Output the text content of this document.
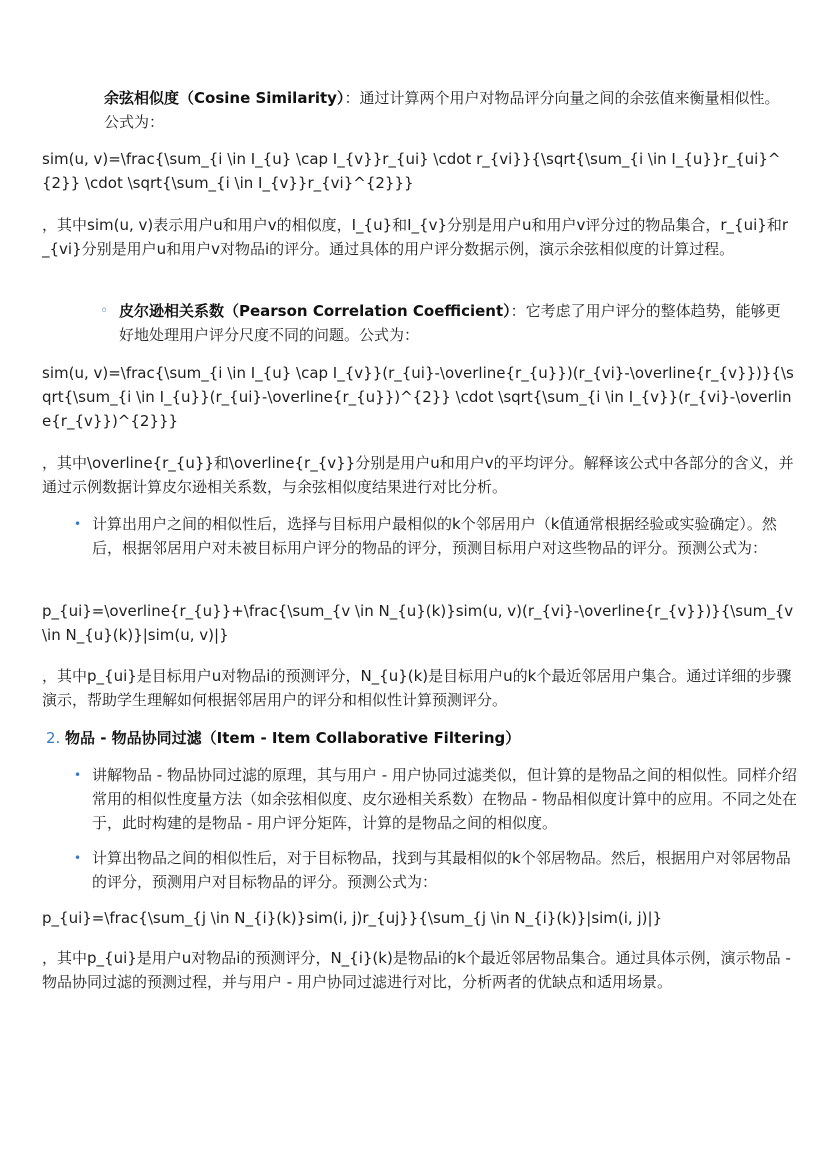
余弦相似度（Cosine Similarity）：通过计算两个用户对物品评分向量之间的余弦值来衡量相似性。公式为：

sim(u, v)=\frac{\sum_{i \in I_{u} \cap I_{v}}r_{ui} \cdot r_{vi}}{\sqrt{\sum_{i \in I_{u}}r_{ui}^{2}} \cdot \sqrt{\sum_{i \in I_{v}}r_{vi}^{2}}}

，其中sim(u, v)表示用户u和用户v的相似度，I_{u}和I_{v}分别是用户u和用户v评分过的物品集合，r_{ui}和r_{vi}分别是用户u和用户v对物品i的评分。通过具体的用户评分数据示例，演示余弦相似度的计算过程。

◦ 皮尔逊相关系数（Pearson Correlation Coefficient）：它考虑了用户评分的整体趋势，能够更好地处理用户评分尺度不同的问题。公式为：

sim(u, v)=\frac{\sum_{i \in I_{u} \cap I_{v}}(r_{ui}-\overline{r_{u}})(r_{vi}-\overline{r_{v}})}{\sqrt{\sum_{i \in I_{u}}(r_{ui}-\overline{r_{u}})^{2}} \cdot \sqrt{\sum_{i \in I_{v}}(r_{vi}-\overline{r_{v}})^{2}}}

，其中\overline{r_{u}}和\overline{r_{v}}分别是用户u和用户v的平均评分。解释该公式中各部分的含义，并通过示例数据计算皮尔逊相关系数，与余弦相似度结果进行对比分析。

• 计算出用户之间的相似性后，选择与目标用户最相似的k个邻居用户（k值通常根据经验或实验确定）。然后，根据邻居用户对未被目标用户评分的物品的评分，预测目标用户对这些物品的评分。预测公式为：

p_{ui}=\overline{r_{u}}+\frac{\sum_{v \in N_{u}(k)}sim(u, v)(r_{vi}-\overline{r_{v}})}{\sum_{v \in N_{u}(k)}|sim(u, v)|}

，其中p_{ui}是目标用户u对物品i的预测评分，N_{u}(k)是目标用户u的k个最近邻居用户集合。通过详细的步骤演示，帮助学生理解如何根据邻居用户的评分和相似性计算预测评分。

2. 物品 - 物品协同过滤（Item - Item Collaborative Filtering）

• 讲解物品 - 物品协同过滤的原理，其与用户 - 用户协同过滤类似，但计算的是物品之间的相似性。同样介绍常用的相似性度量方法（如余弦相似度、皮尔逊相关系数）在物品 - 物品相似度计算中的应用。不同之处在于，此时构建的是物品 - 用户评分矩阵，计算的是物品之间的相似度。

• 计算出物品之间的相似性后，对于目标物品，找到与其最相似的k个邻居物品。然后，根据用户对邻居物品的评分，预测用户对目标物品的评分。预测公式为：

p_{ui}=\frac{\sum_{j \in N_{i}(k)}sim(i, j)r_{uj}}{\sum_{j \in N_{i}(k)}|sim(i, j)|}

，其中p_{ui}是用户u对物品i的预测评分，N_{i}(k)是物品i的k个最近邻居物品集合。通过具体示例，演示物品 - 物品协同过滤的预测过程，并与用户 - 用户协同过滤进行对比，分析两者的优缺点和适用场景。
